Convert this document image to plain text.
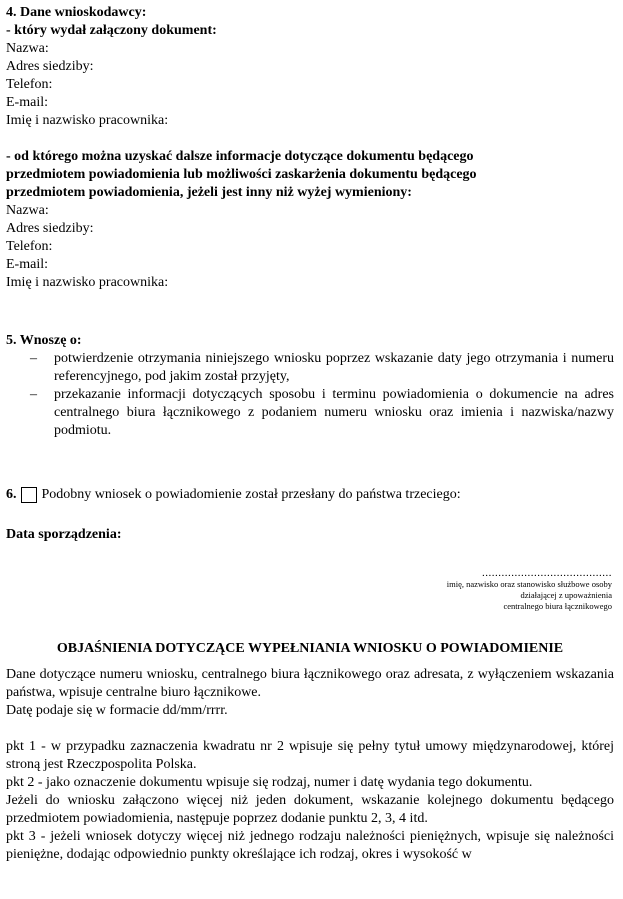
4. Dane wnioskodawcy:
- który wydał załączony dokument:
Nazwa:
Adres siedziby:
Telefon:
E-mail:
Imię i nazwisko pracownika:
- od którego można uzyskać dalsze informacje dotyczące dokumentu będącego
przedmiotem powiadomienia lub możliwości zaskarżenia dokumentu będącego
przedmiotem powiadomienia, jeżeli jest inny niż wyżej wymieniony:
Nazwa:
Adres siedziby:
Telefon:
E-mail:
Imię i nazwisko pracownika:
5. Wnoszę o:
– potwierdzenie otrzymania niniejszego wniosku poprzez wskazanie daty jego otrzymania i numeru referencyjnego, pod jakim został przyjęty,
– przekazanie informacji dotyczących sposobu i terminu powiadomienia o dokumencie na adres centralnego biura łącznikowego z podaniem numeru wniosku oraz imienia i nazwiska/nazwy podmiotu.
6. Podobny wniosek o powiadomienie został przesłany do państwa trzeciego:
Data sporządzenia:
........................................
imię, nazwisko oraz stanowisko służbowe osoby
działającej z upoważnienia
centralnego biura łącznikowego
OBJAŚNIENIA DOTYCZĄCE WYPEŁNIANIA WNIOSKU O POWIADOMIENIE
Dane dotyczące numeru wniosku, centralnego biura łącznikowego oraz adresata, z wyłączeniem wskazania państwa, wpisuje centralne biuro łącznikowe.
Datę podaje się w formacie dd/mm/rrrr.
pkt 1 - w przypadku zaznaczenia kwadratu nr 2 wpisuje się pełny tytuł umowy międzynarodowej, której stroną jest Rzeczpospolita Polska.
pkt 2 - jako oznaczenie dokumentu wpisuje się rodzaj, numer i datę wydania tego dokumentu.
Jeżeli do wniosku załączono więcej niż jeden dokument, wskazanie kolejnego dokumentu będącego przedmiotem powiadomienia, następuje poprzez dodanie punktu 2, 3, 4 itd.
pkt 3 - jeżeli wniosek dotyczy więcej niż jednego rodzaju należności pieniężnych, wpisuje się należności pieniężne, dodając odpowiednio punkty określające ich rodzaj, okres i wysokość w
